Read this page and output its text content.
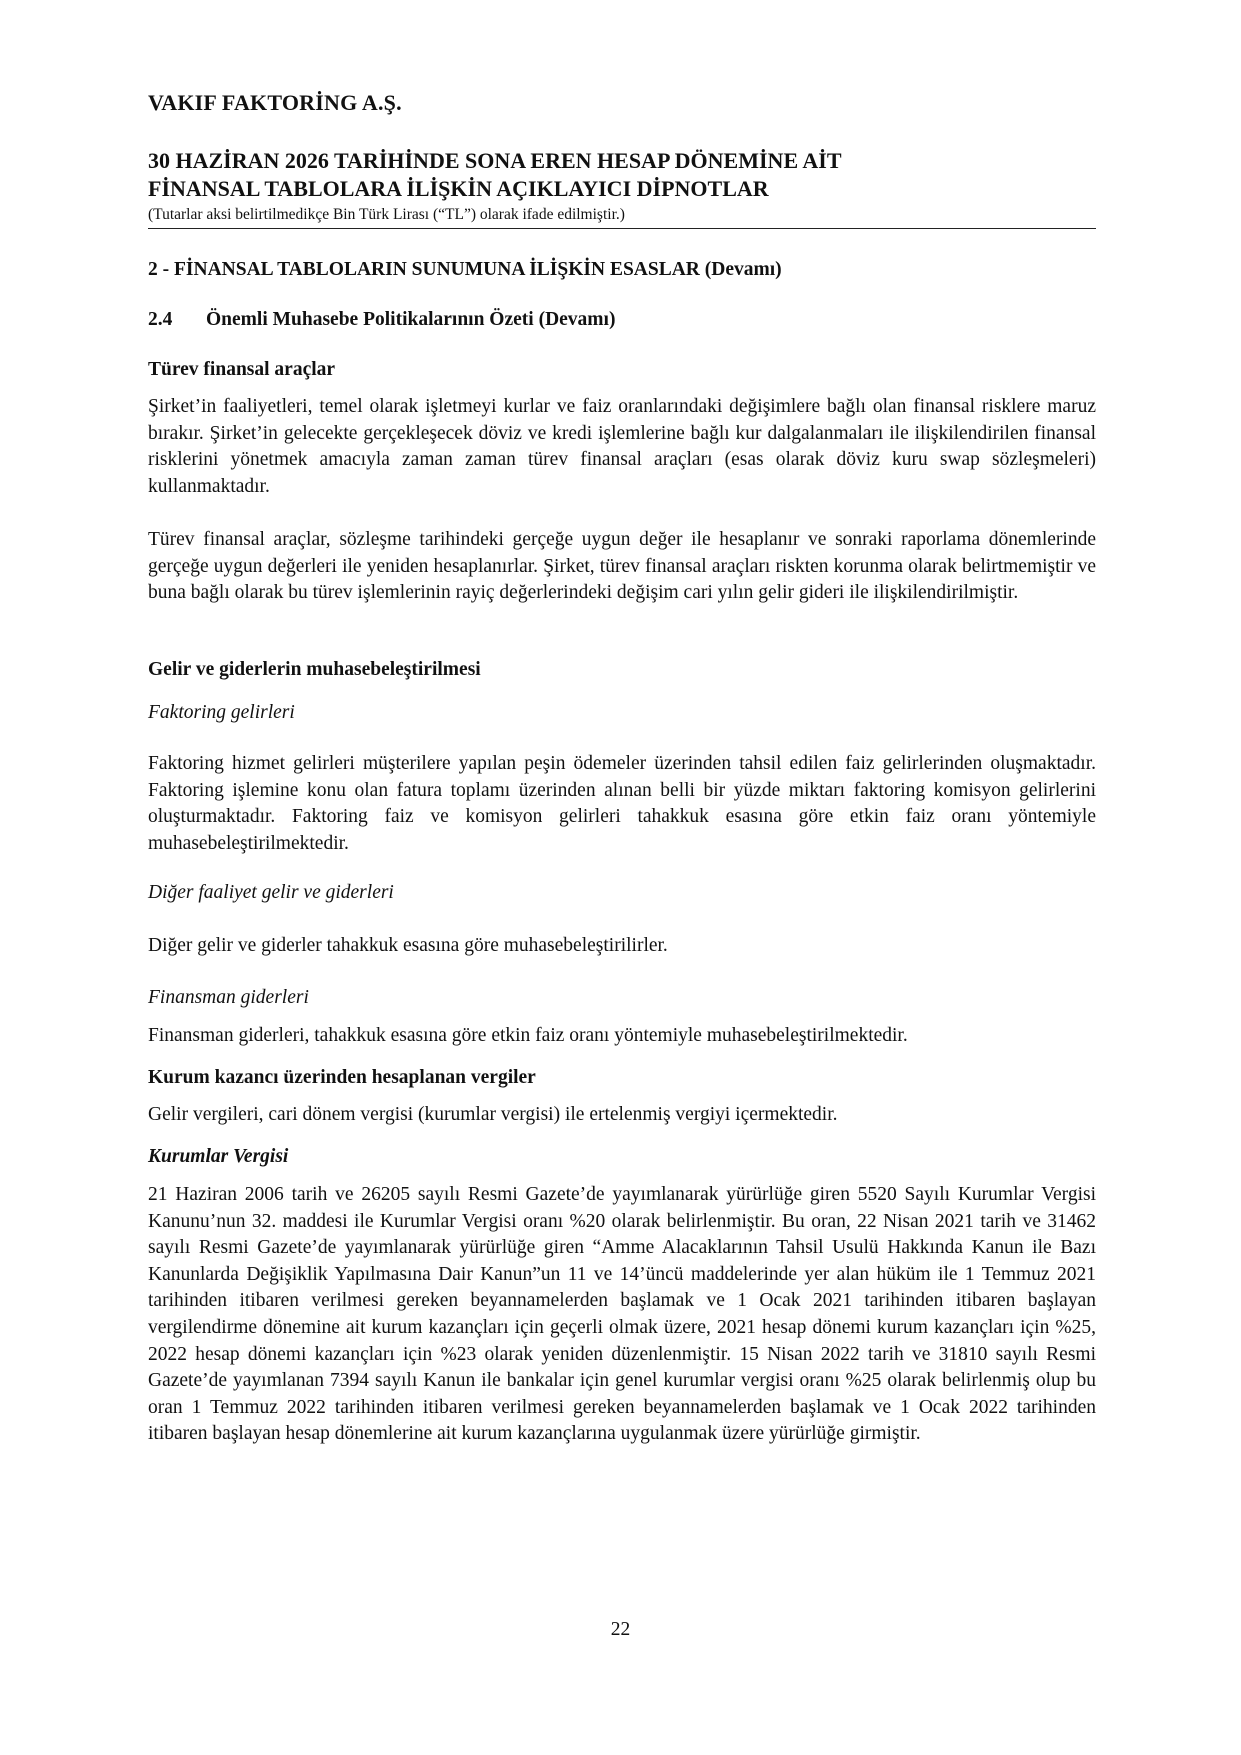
VAKIF FAKTORİNG A.Ş.
30 HAZİRAN 2026 TARİHİNDE SONA EREN HESAP DÖNEMİNE AİT
FİNANSAL TABLOLARA İLİŞKİN AÇIKLAYICI DİPNOTLAR
(Tutarlar aksi belirtilmedikçe Bin Türk Lirası (“TL”) olarak ifade edilmiştir.)
2 - FİNANSAL TABLOLARIN SUNUMUNA İLİŞKİN ESASLAR (Devamı)
2.4 Önemli Muhasebe Politikalarının Özeti (Devamı)
Türev finansal araçlar

Şirket’in faaliyetleri, temel olarak işletmeyi kurlar ve faiz oranlarındaki değişimlere bağlı olan finansal risklere maruz bırakır. Şirket’in gelecekte gerçekleşecek döviz ve kredi işlemlerine bağlı kur dalgalanmaları ile ilişkilendirilen finansal risklerini yönetmek amacıyla zaman zaman türev finansal araçları (esas olarak döviz kuru swap sözleşmeleri) kullanmaktadır.

Türev finansal araçlar, sözleşme tarihindeki gerçeğe uygun değer ile hesaplanır ve sonraki raporlama dönemlerinde gerçeğe uygun değerleri ile yeniden hesaplanırlar. Şirket, türev finansal araçları riskten korunma olarak belirtmemiştir ve buna bağlı olarak bu türev işlemlerinin rayiç değerlerindeki değişim cari yılın gelir gideri ile ilişkilendirilmiştir.

Gelir ve giderlerin muhasebeleştirilmesi
Faktoring gelirleri

Faktoring hizmet gelirleri müşterilere yapılan peşin ödemeler üzerinden tahsil edilen faiz gelirlerinden oluşmaktadır. Faktoring işlemine konu olan fatura toplamı üzerinden alınan belli bir yüzde miktarı faktoring komisyon gelirlerini oluşturmaktadır. Faktoring faiz ve komisyon gelirleri tahakkuk esasına göre etkin faiz oranı yöntemiyle muhasebeleştirilmektedir.

Diğer faaliyet gelir ve giderleri

Diğer gelir ve giderler tahakkuk esasına göre muhasebeleştirilirler.

Finansman giderleri

Finansman giderleri, tahakkuk esasına göre etkin faiz oranı yöntemiyle muhasebeleştirilmektedir.

Kurum kazancı üzerinden hesaplanan vergiler

Gelir vergileri, cari dönem vergisi (kurumlar vergisi) ile ertelenmiş vergiyi içermektedir.

Kurumlar Vergisi

21 Haziran 2006 tarih ve 26205 sayılı Resmi Gazete’de yayımlanarak yürürlüğe giren 5520 Sayılı Kurumlar Vergisi Kanunu’nun 32. maddesi ile Kurumlar Vergisi oranı %20 olarak belirlenmiştir. Bu oran, 22 Nisan 2021 tarih ve 31462 sayılı Resmi Gazete’de yayımlanarak yürürlüğe giren “Amme Alacaklarının Tahsil Usulü Hakkında Kanun ile Bazı Kanunlarda Değişiklik Yapılmasına Dair Kanun”un 11 ve 14’üncü maddelerinde yer alan hüküm ile 1 Temmuz 2021 tarihinden itibaren verilmesi gereken beyannamelerden başlamak ve 1 Ocak 2021 tarihinden itibaren başlayan vergilendirme dönemine ait kurum kazançları için geçerli olmak üzere, 2021 hesap dönemi kurum kazançları için %25, 2022 hesap dönemi kazançları için %23 olarak yeniden düzenlenmiştir. 15 Nisan 2022 tarih ve 31810 sayılı Resmi Gazete’de yayımlanan 7394 sayılı Kanun ile bankalar için genel kurumlar vergisi oranı %25 olarak belirlenmiş olup bu oran 1 Temmuz 2022 tarihinden itibaren verilmesi gereken beyannamelerden başlamak ve 1 Ocak 2022 tarihinden itibaren başlayan hesap dönemlerine ait kurum kazançlarına uygulanmak üzere yürürlüğe girmiştir.

22
